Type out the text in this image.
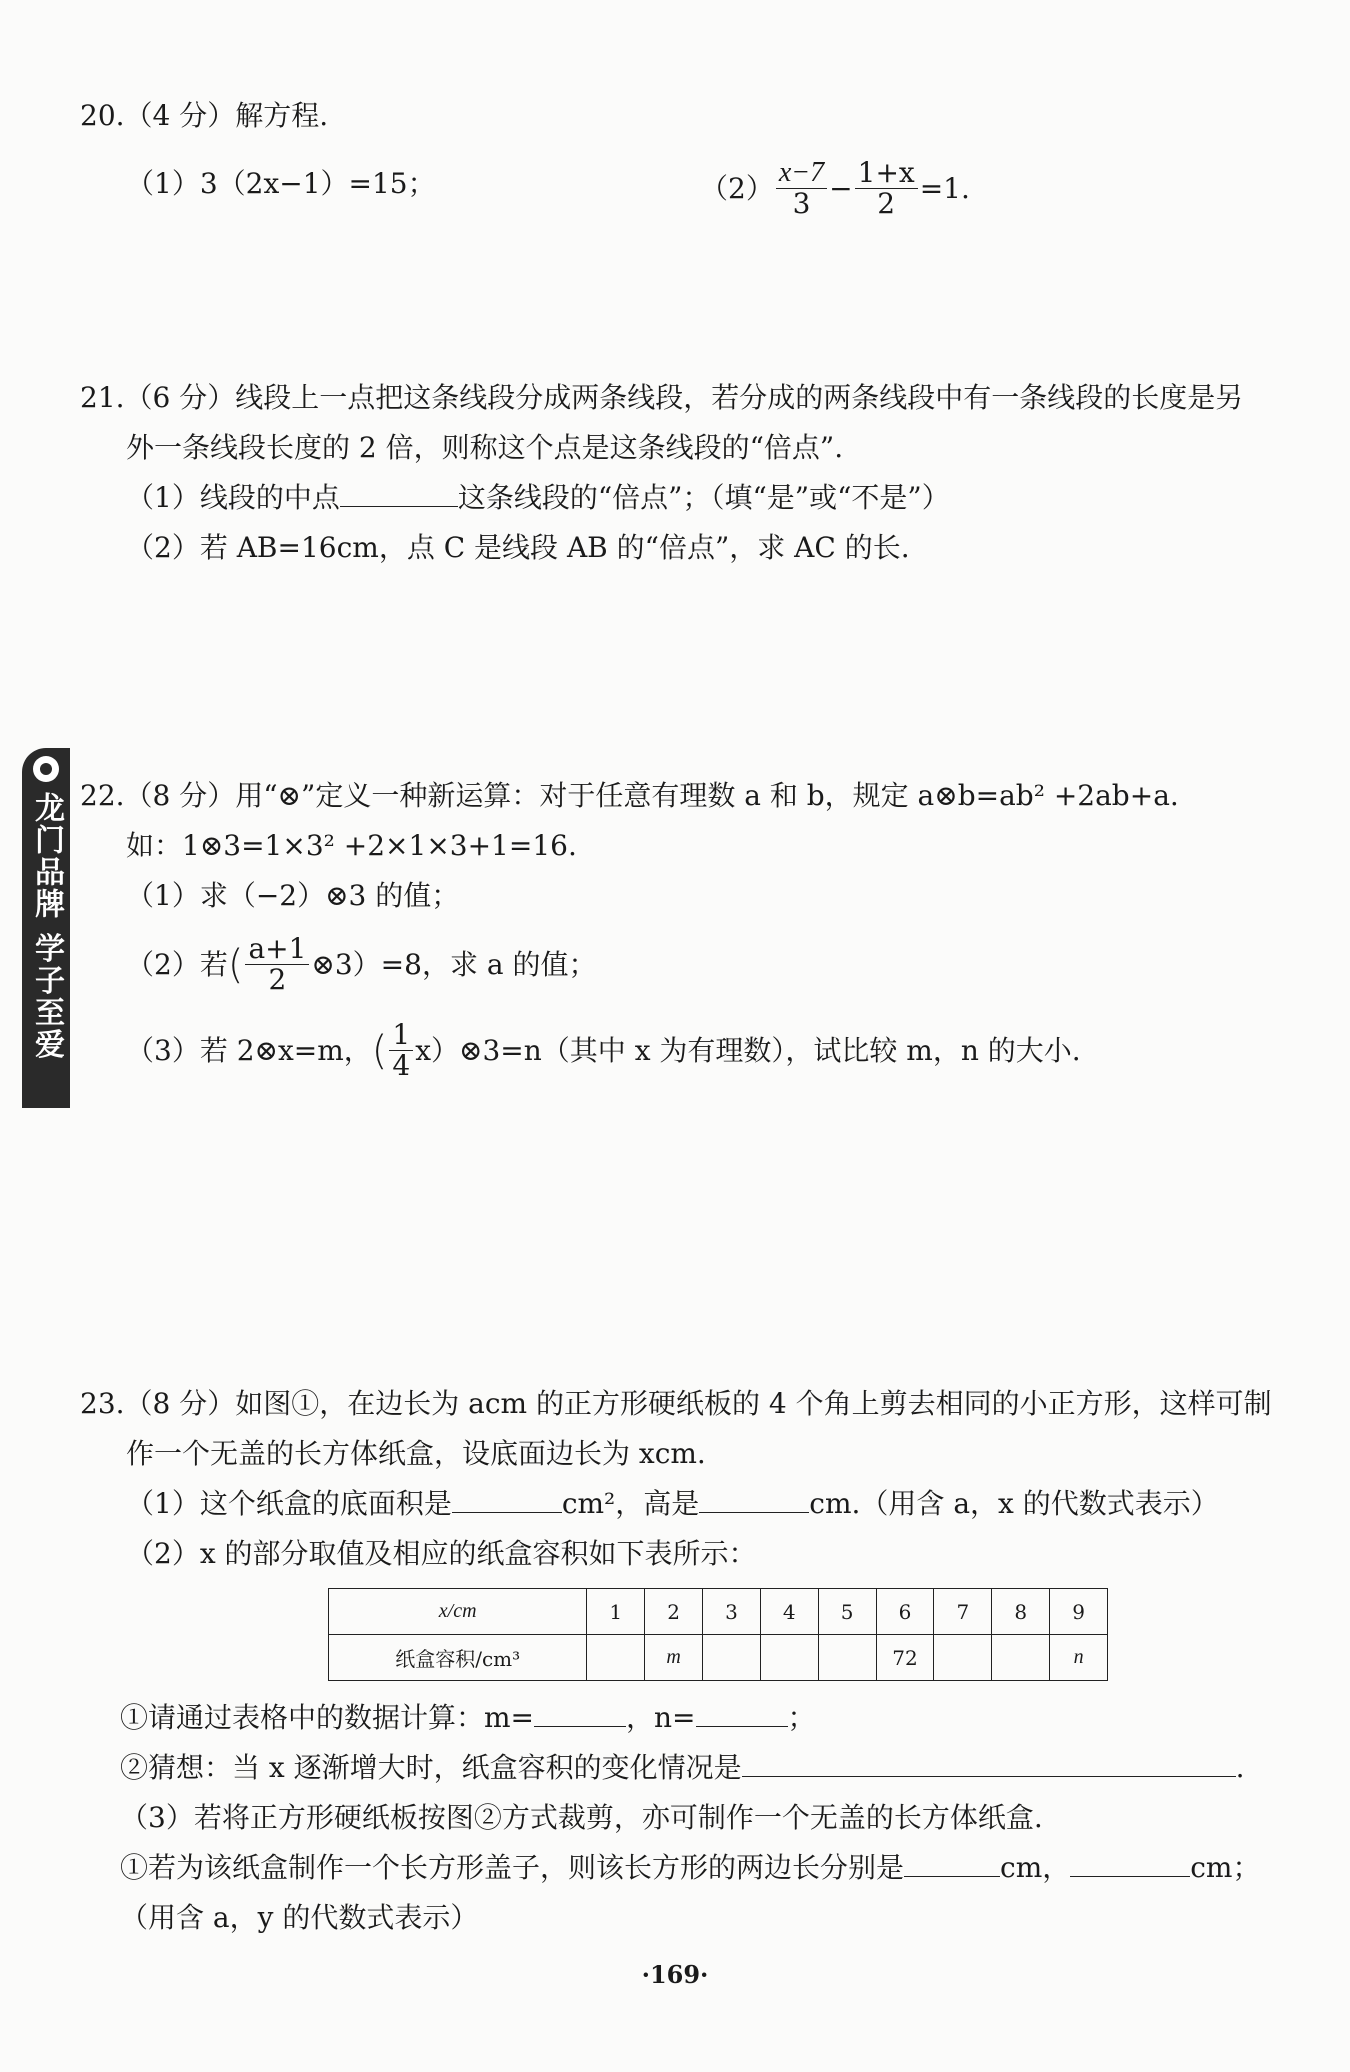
龙门品牌 学子至爱
20.（4 分）解方程.
（1）3（2x−1）=15；	$(2) \frac{x-7}{3} - \frac{1+x}{2} =1$.
21.（6 分）线段上一点把这条线段分成两条线段，若分成的两条线段中有一条线段的长度是另
外一条线段长度的 2 倍，则称这个点是这条线段的“倍点”.
（1）线段的中点	这条线段的“倍点”；（填“是”或“不是”）
（2）若 AB=16cm，点 C 是线段 AB 的“倍点”，求 AC 的长.
22.（8 分）用“⊗”定义一种新运算：对于任意有理数 a 和 b，规定 a⊗b=ab² +2ab+a.
如：1⊗3=1×3² +2×1×3+1=16.
（1）求（−2）⊗3 的值；
（2）若 ( $\frac{a+1}{2}$ ⊗3）=8，求 a 的值；
（3）若 2⊗x=m， ( $\frac{1}{4}$ x）⊗3=n（其中 x 为有理数），试比较 m，n 的大小.
23.（8 分）如图①，在边长为 acm 的正方形硬纸板的 4 个角上剪去相同的小正方形，这样可制
作一个无盖的长方体纸盒，设底面边长为 xcm.
（1）这个纸盒的底面积是	cm²，高是	cm.（用含 a，x 的代数式表示）
（2）x 的部分取值及相应的纸盒容积如下表所示：
x/cm	1	2	3	4	5	6	7	8	9
纸盒容积/cm³		m				72			n
①请通过表格中的数据计算：m=	，n=	；
②猜想：当 x 逐渐增大时，纸盒容积的变化情况是	.
（3）若将正方形硬纸板按图②方式裁剪，亦可制作一个无盖的长方体纸盒.
①若为该纸盒制作一个长方形盖子，则该长方形的两边长分别是	cm，	cm；
（用含 a，y 的代数式表示）
·169·
